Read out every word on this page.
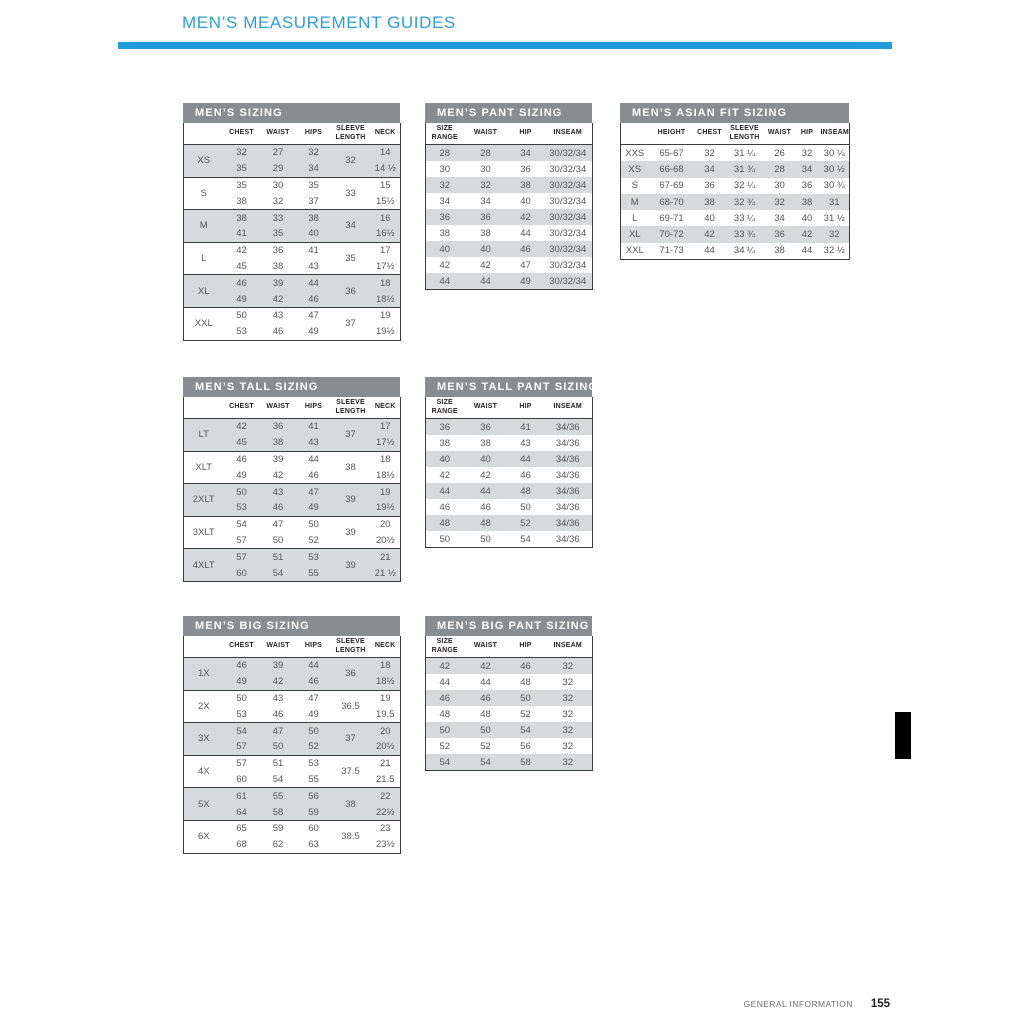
MEN’S MEASUREMENT GUIDES
MEN’S SIZING
	CHEST	WAIST	HIPS	SLEEVE LENGTH	NECK
XS	32	27	32	32	14
	35	29	34		14 ½
S	35	30	35	33	15
	38	32	37		15½
M	38	33	38	34	16
	41	35	40		16½
L	42	36	41	35	17
	45	38	43		17½
XL	46	39	44	36	18
	49	42	46		18½
XXL	50	43	47	37	19
	53	46	49		19½
MEN’S PANT SIZING
SIZE RANGE	WAIST	HIP	INSEAM
28	28	34	30/32/34
30	30	36	30/32/34
32	32	38	30/32/34
34	34	40	30/32/34
36	36	42	30/32/34
38	38	44	30/32/34
40	40	46	30/32/34
42	42	47	30/32/34
44	44	49	30/32/34
MEN’S ASIAN FIT SIZING
	HEIGHT	CHEST	SLEEVE LENGTH	WAIST	HIP	INSEAM
XXS	65-67	32	31 ¼	26	32	30 ¼
XS	66-68	34	31 ¾	28	34	30 ½
S	67-69	36	32 ¼	30	36	30 ¾
M	68-70	38	32 ¾	32	38	31
L	69-71	40	33 ¼	34	40	31 ½
XL	70-72	42	33 ¾	36	42	32
XXL	71-73	44	34 ¼	38	44	32 ½
MEN’S TALL SIZING
	CHEST	WAIST	HIPS	SLEEVE LENGTH	NECK
LT	42	36	41	37	17
	45	38	43		17½
XLT	46	39	44	38	18
	49	42	46		18½
2XLT	50	43	47	39	19
	53	46	49		19½
3XLT	54	47	50	39	20
	57	50	52		20½
4XLT	57	51	53	39	21
	60	54	55		21 ½
MEN’S TALL PANT SIZING
SIZE RANGE	WAIST	HIP	INSEAM
36	36	41	34/36
38	38	43	34/36
40	40	44	34/36
42	42	46	34/36
44	44	48	34/36
46	46	50	34/36
48	48	52	34/36
50	50	54	34/36
MEN’S BIG SIZING
	CHEST	WAIST	HIPS	SLEEVE LENGTH	NECK
1X	46	39	44	36	18
	49	42	46		18½
2X	50	43	47	36.5	19
	53	46	49		19.5
3X	54	47	50	37	20
	57	50	52		20½
4X	57	51	53	37.5	21
	60	54	55		21.5
5X	61	55	56	38	22
	64	58	59		22½
6X	65	59	60	38.5	23
	68	62	63		23½
MEN’S BIG PANT SIZING
SIZE RANGE	WAIST	HIP	INSEAM
42	42	46	32
44	44	48	32
46	46	50	32
48	48	52	32
50	50	54	32
52	52	56	32
54	54	58	32
GENERAL INFORMATION 155
